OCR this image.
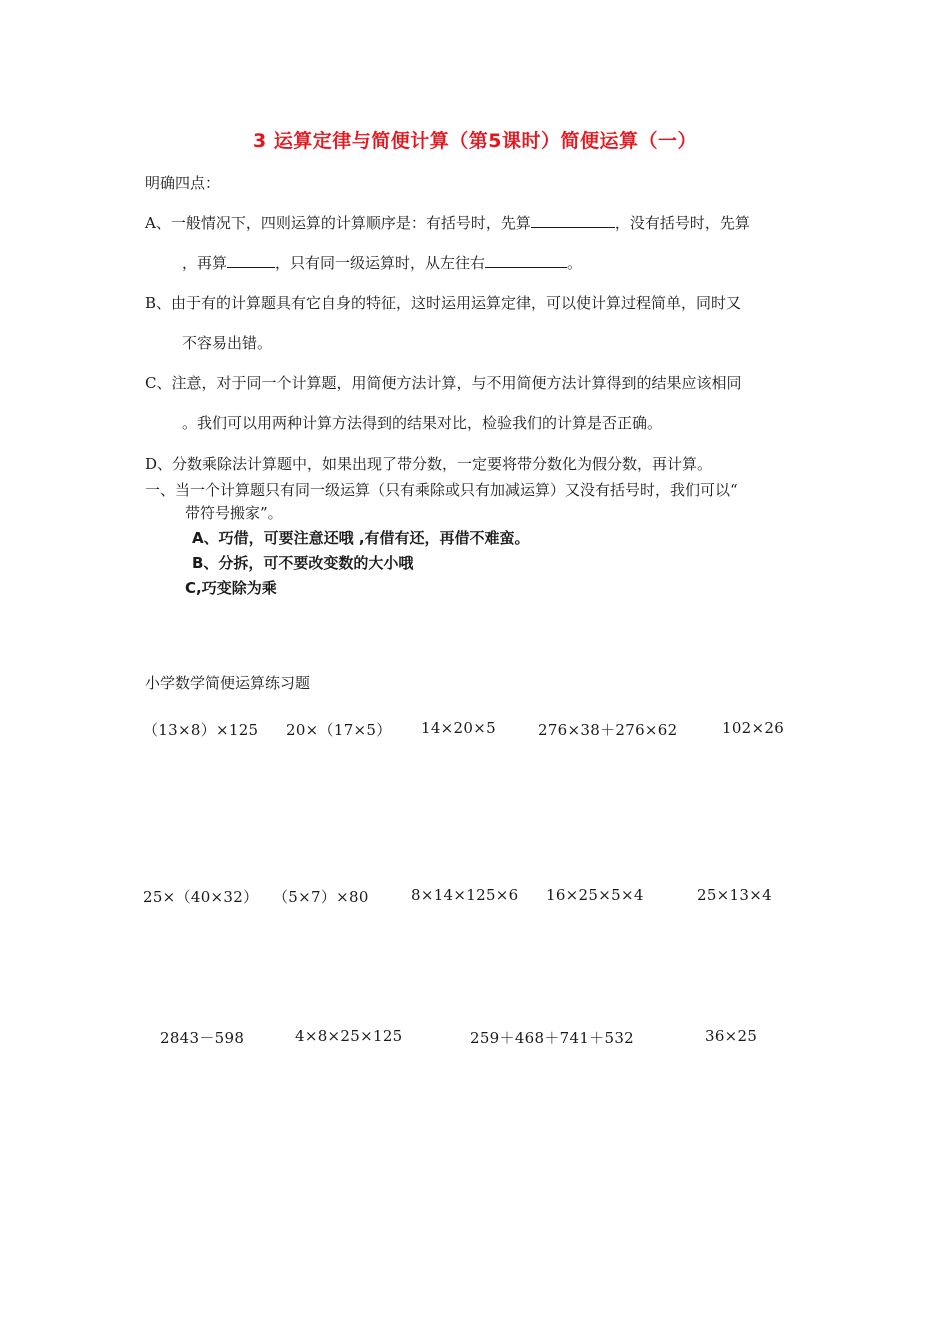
3 运算定律与简便计算（第5课时）简便运算（一）
明确四点：
A、一般情况下，四则运算的计算顺序是：有括号时，先算	，没有括号时，先算
，再算	，只有同一级运算时，从左往右	。
B、由于有的计算题具有它自身的特征，这时运用运算定律，可以使计算过程简单，同时又
不容易出错。
C、注意，对于同一个计算题，用简便方法计算，与不用简便方法计算得到的结果应该相同
。我们可以用两种计算方法得到的结果对比，检验我们的计算是否正确。
D、分数乘除法计算题中，如果出现了带分数，一定要将带分数化为假分数，再计算。
一、当一个计算题只有同一级运算（只有乘除或只有加减运算）又没有括号时，我们可以“
带符号搬家”。
A、巧借，可要注意还哦 ,有借有还，再借不难蛮。
B、分拆，可不要改变数的大小哦
C,巧变除为乘
小学数学简便运算练习题
（13×8）×125 20×（17×5） 14×20×5	276×38＋276×62	102×26
25×（40×32） （5×7）×80	8×14×125×6 16×25×5×4	25×13×4
2843－598	4×8×25×125	259＋468＋741＋532	36×25
